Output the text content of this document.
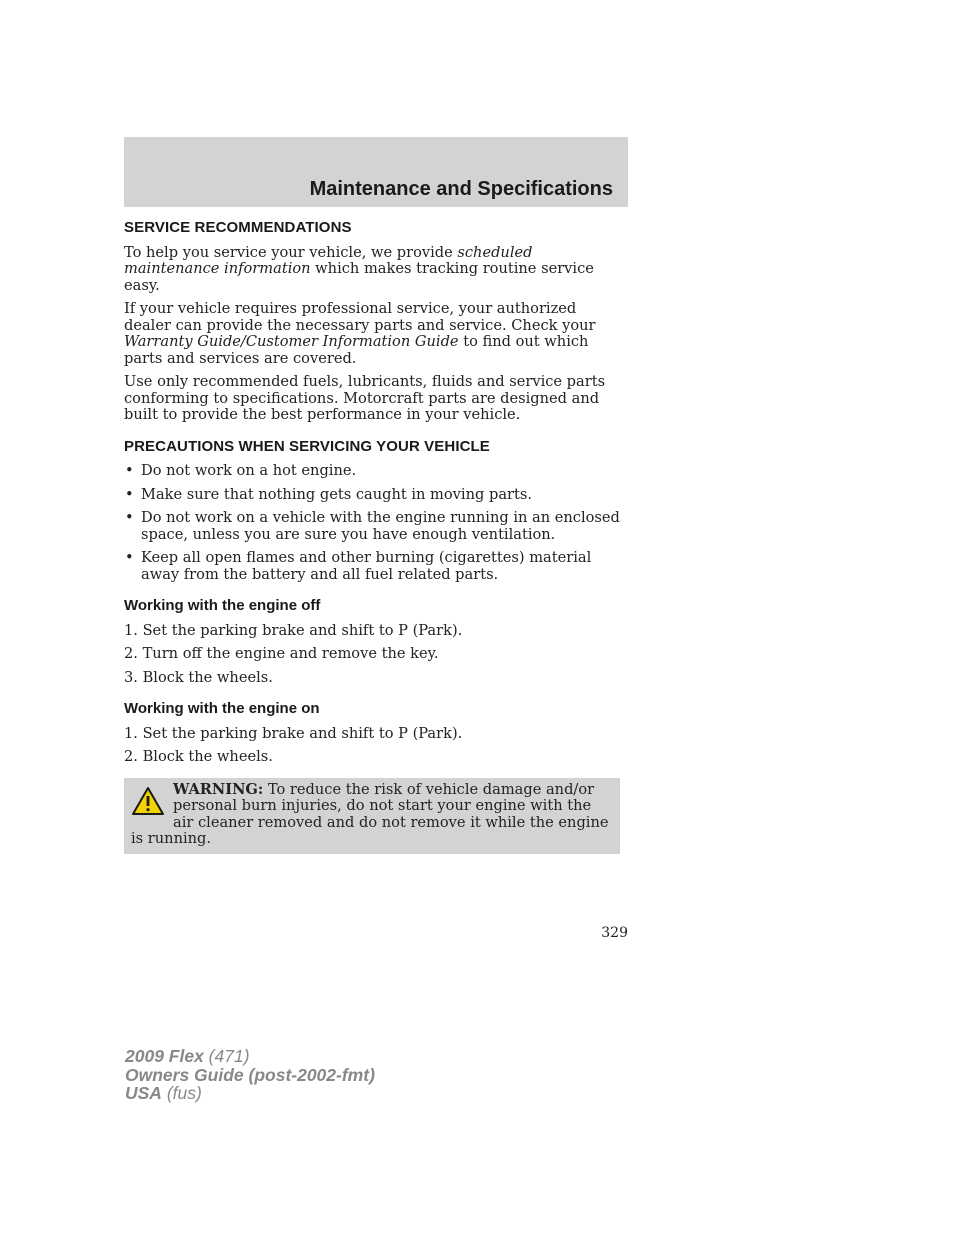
Maintenance and Specifications
SERVICE RECOMMENDATIONS

To help you service your vehicle, we provide scheduled maintenance information which makes tracking routine service easy.

If your vehicle requires professional service, your authorized dealer can provide the necessary parts and service. Check your Warranty Guide/Customer Information Guide to find out which parts and services are covered.

Use only recommended fuels, lubricants, fluids and service parts conforming to specifications. Motorcraft parts are designed and built to provide the best performance in your vehicle.

PRECAUTIONS WHEN SERVICING YOUR VEHICLE
• Do not work on a hot engine.
• Make sure that nothing gets caught in moving parts.
• Do not work on a vehicle with the engine running in an enclosed space, unless you are sure you have enough ventilation.
• Keep all open flames and other burning (cigarettes) material away from the battery and all fuel related parts.
Working with the engine off
1. Set the parking brake and shift to P (Park).
2. Turn off the engine and remove the key.
3. Block the wheels.
Working with the engine on
1. Set the parking brake and shift to P (Park).
2. Block the wheels.
WARNING: To reduce the risk of vehicle damage and/or personal burn injuries, do not start your engine with the air cleaner removed and do not remove it while the engine is running.
329
2009 Flex (471)
Owners Guide (post-2002-fmt)
USA (fus)
